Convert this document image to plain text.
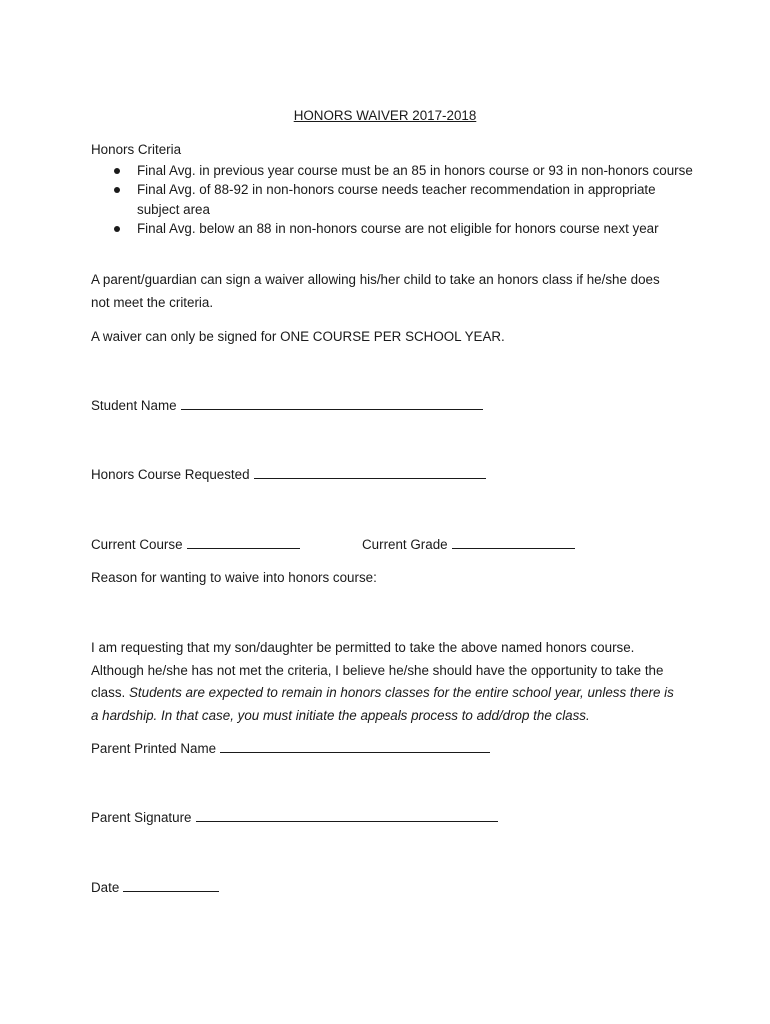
HONORS WAIVER 2017-2018
Honors Criteria
Final Avg. in previous year course must be an 85 in honors course or 93 in non-honors course
Final Avg. of 88-92 in non-honors course needs teacher recommendation in appropriate subject area
Final Avg. below an 88 in non-honors course are not eligible for honors course next year
A parent/guardian can sign a waiver allowing his/her child to take an honors class if he/she does not meet the criteria.
A waiver can only be signed for ONE COURSE PER SCHOOL YEAR.
Student Name
Honors Course Requested
Current Course	Current Grade
Reason for wanting to waive into honors course:
I am requesting that my son/daughter be permitted to take the above named honors course. Although he/she has not met the criteria, I believe he/she should have the opportunity to take the class. Students are expected to remain in honors classes for the entire school year, unless there is a hardship. In that case, you must initiate the appeals process to add/drop the class.
Parent Printed Name
Parent Signature
Date
